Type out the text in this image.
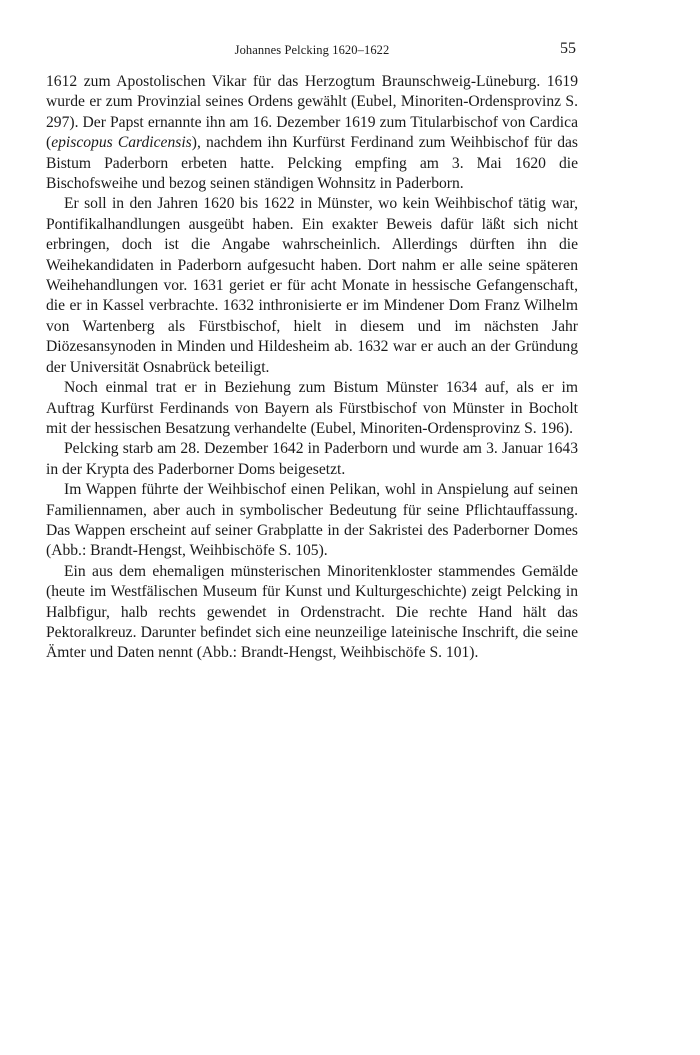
Johannes Pelcking 1620–1622	55

1612 zum Apostolischen Vikar für das Herzogtum Braunschweig-Lüneburg. 1619 wurde er zum Provinzial seines Ordens gewählt (Eubel, Minoriten-Ordensprovinz S. 297). Der Papst ernannte ihn am 16. Dezember 1619 zum Titularbischof von Cardica (episcopus Cardicensis), nachdem ihn Kurfürst Ferdinand zum Weihbischof für das Bistum Paderborn erbeten hatte. Pelcking empfing am 3. Mai 1620 die Bischofsweihe und bezog seinen ständigen Wohnsitz in Paderborn.

Er soll in den Jahren 1620 bis 1622 in Münster, wo kein Weihbischof tätig war, Pontifikalhandlungen ausgeübt haben. Ein exakter Beweis dafür läßt sich nicht erbringen, doch ist die Angabe wahrscheinlich. Allerdings dürften ihn die Weihekandidaten in Paderborn aufgesucht haben. Dort nahm er alle seine späteren Weihehandlungen vor. 1631 geriet er für acht Monate in hessische Gefangenschaft, die er in Kassel verbrachte. 1632 inthronisierte er im Mindener Dom Franz Wilhelm von Wartenberg als Fürstbischof, hielt in diesem und im nächsten Jahr Diözesansynoden in Minden und Hildesheim ab. 1632 war er auch an der Gründung der Universität Osnabrück beteiligt.

Noch einmal trat er in Beziehung zum Bistum Münster 1634 auf, als er im Auftrag Kurfürst Ferdinands von Bayern als Fürstbischof von Münster in Bocholt mit der hessischen Besatzung verhandelte (Eubel, Minoriten-Ordensprovinz S. 196).

Pelcking starb am 28. Dezember 1642 in Paderborn und wurde am 3. Januar 1643 in der Krypta des Paderborner Doms beigesetzt.

Im Wappen führte der Weihbischof einen Pelikan, wohl in Anspielung auf seinen Familiennamen, aber auch in symbolischer Bedeutung für seine Pflichtauffassung. Das Wappen erscheint auf seiner Grabplatte in der Sakristei des Paderborner Domes (Abb.: Brandt-Hengst, Weihbischöfe S. 105).

Ein aus dem ehemaligen münsterischen Minoritenkloster stammendes Gemälde (heute im Westfälischen Museum für Kunst und Kulturgeschichte) zeigt Pelcking in Halbfigur, halb rechts gewendet in Ordenstracht. Die rechte Hand hält das Pektoralkreuz. Darunter befindet sich eine neunzeilige lateinische Inschrift, die seine Ämter und Daten nennt (Abb.: Brandt-Hengst, Weihbischöfe S. 101).
